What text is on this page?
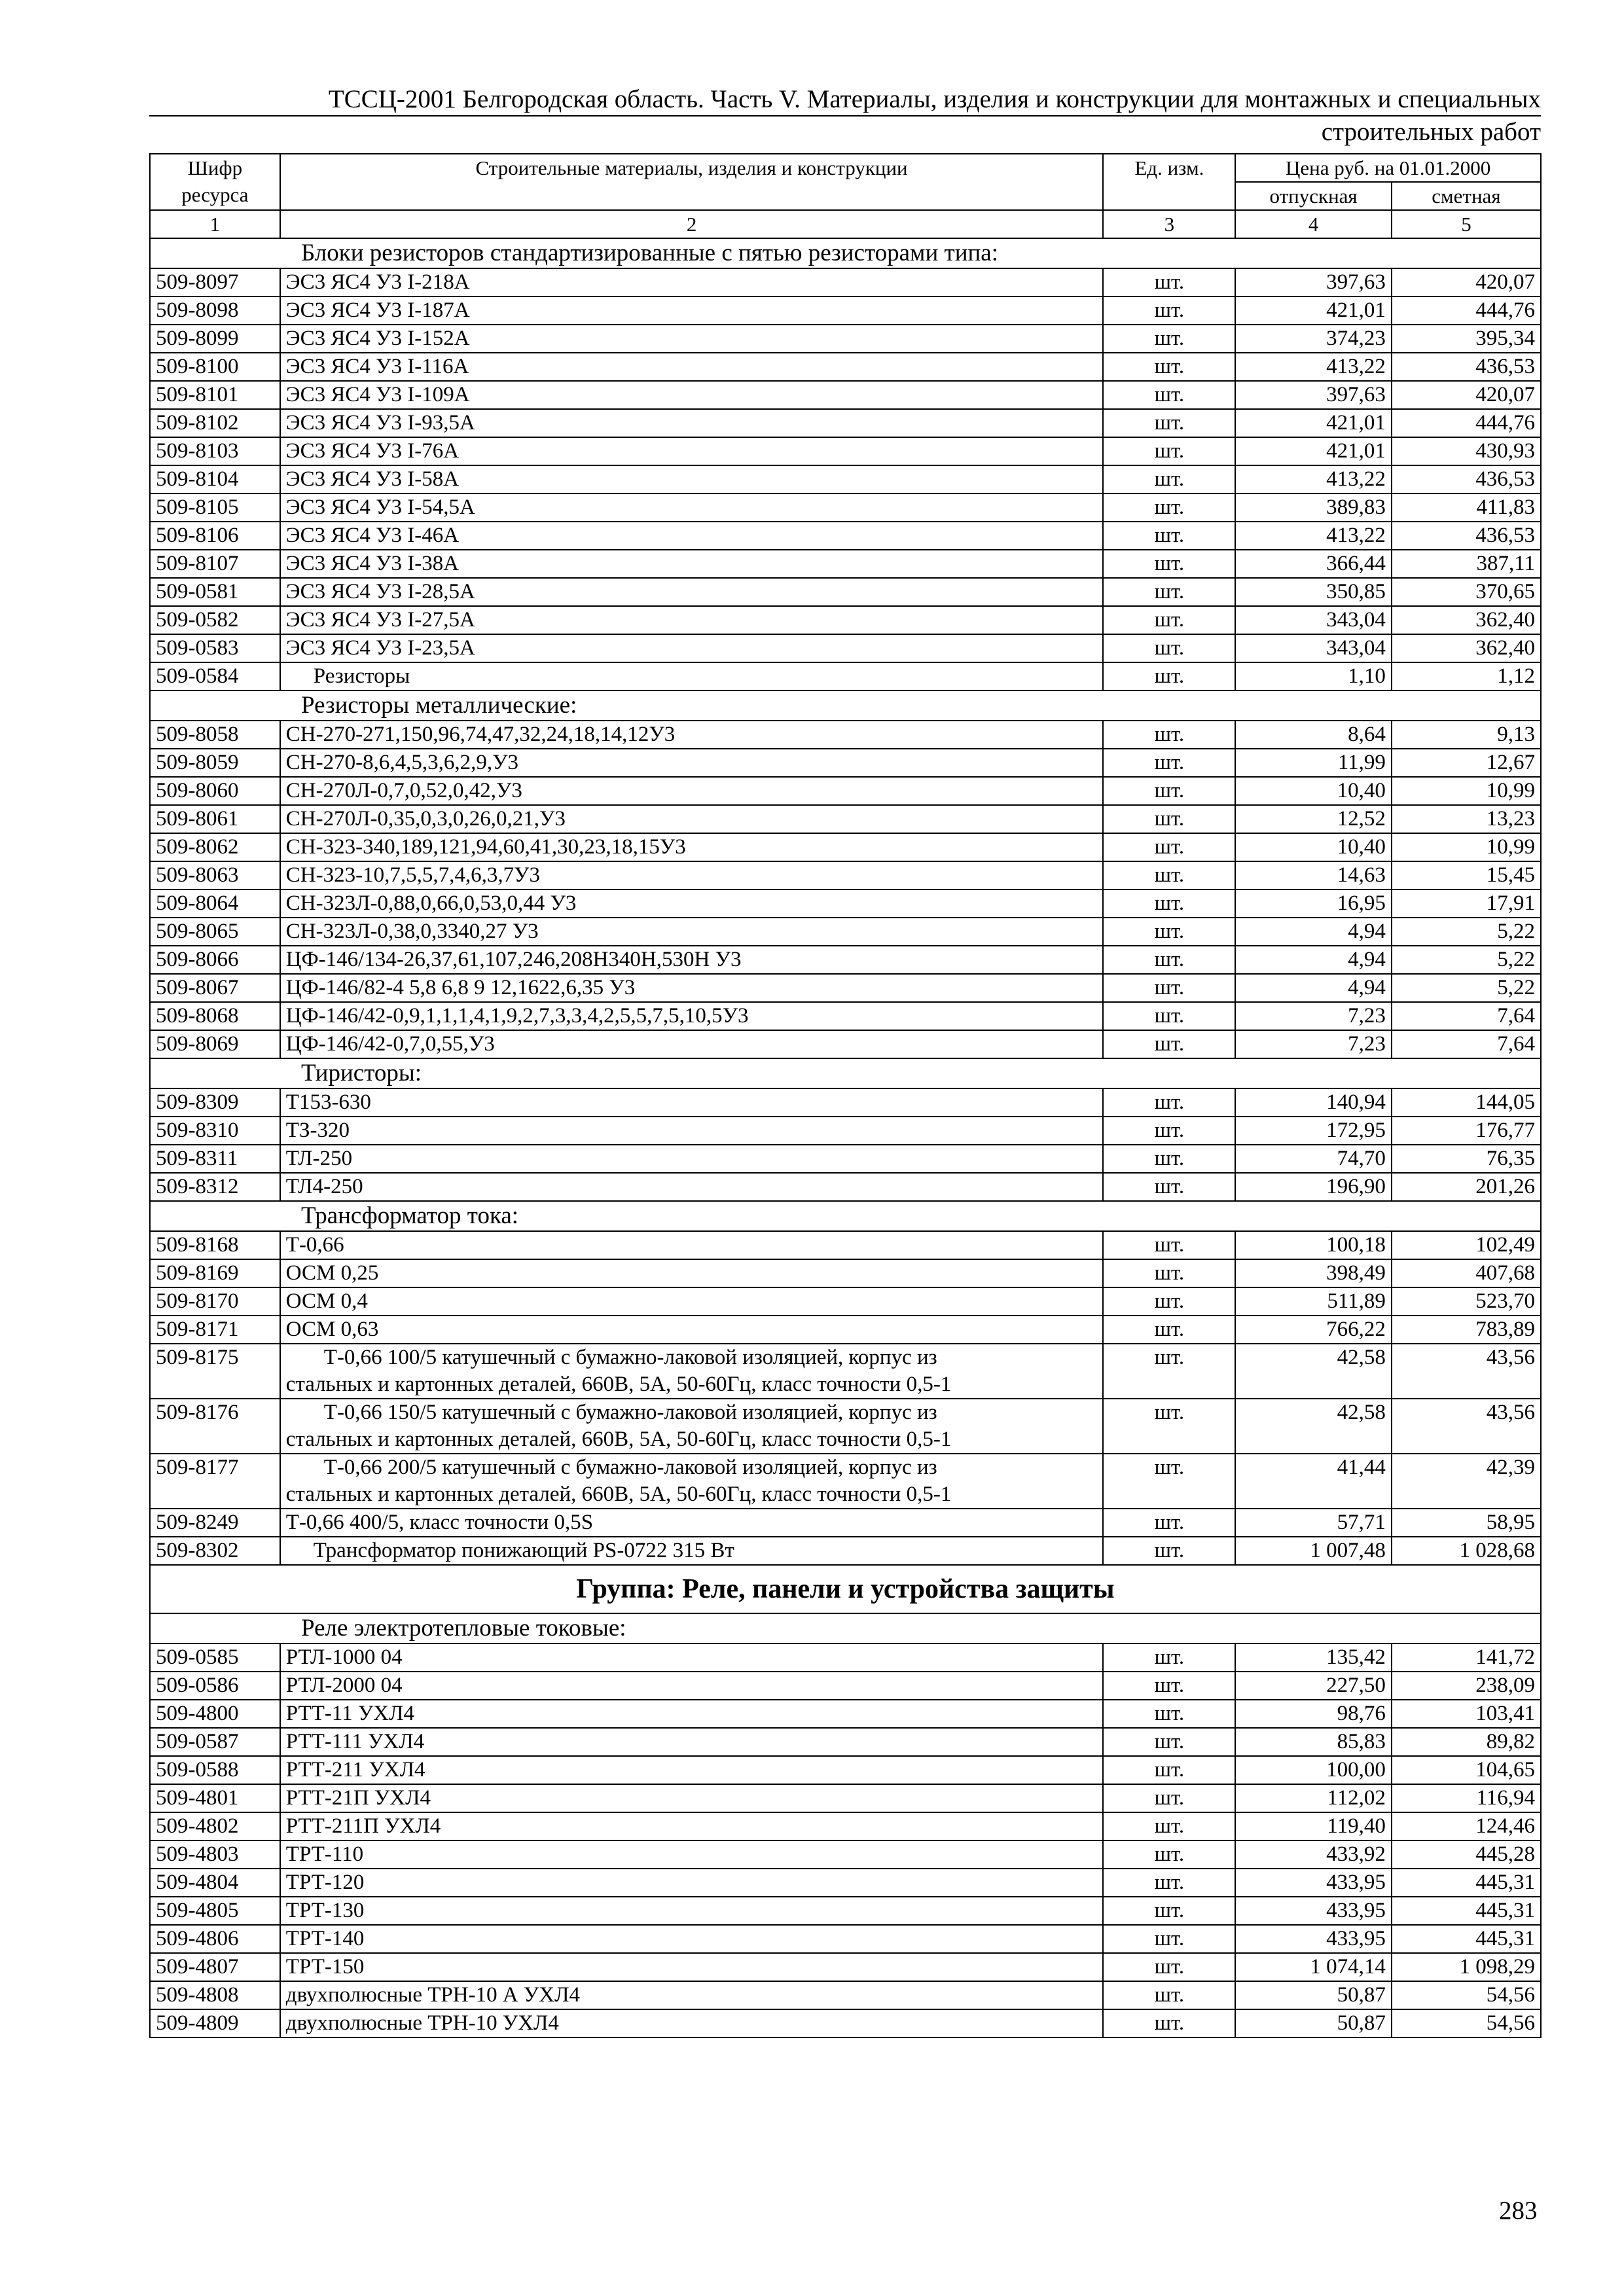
ТССЦ-2001 Белгородская область. Часть V. Материалы, изделия и конструкции для монтажных и специальных
строительных работ
Шифр ресурса	Строительные материалы, изделия и конструкции	Ед. изм.	Цена руб. на 01.01.2000	
			отпускная	сметная
1	2	3	4	5
Блоки резисторов стандартизированные с пятью резисторами типа:				
509-8097	ЭС3 ЯС4 У3 I-218А	шт.	397,63	420,07
509-8098	ЭС3 ЯС4 У3 I-187А	шт.	421,01	444,76
509-8099	ЭС3 ЯС4 У3 I-152А	шт.	374,23	395,34
509-8100	ЭС3 ЯС4 У3 I-116А	шт.	413,22	436,53
509-8101	ЭС3 ЯС4 У3 I-109А	шт.	397,63	420,07
509-8102	ЭС3 ЯС4 У3 I-93,5А	шт.	421,01	444,76
509-8103	ЭС3 ЯС4 У3 I-76А	шт.	421,01	430,93
509-8104	ЭС3 ЯС4 У3 I-58А	шт.	413,22	436,53
509-8105	ЭС3 ЯС4 У3 I-54,5А	шт.	389,83	411,83
509-8106	ЭС3 ЯС4 У3 I-46А	шт.	413,22	436,53
509-8107	ЭС3 ЯС4 У3 I-38А	шт.	366,44	387,11
509-0581	ЭС3 ЯС4 У3 I-28,5А	шт.	350,85	370,65
509-0582	ЭС3 ЯС4 У3 I-27,5А	шт.	343,04	362,40
509-0583	ЭС3 ЯС4 У3 I-23,5А	шт.	343,04	362,40
509-0584	Резисторы	шт.	1,10	1,12
Резисторы металлические:				
509-8058	СН-270-271,150,96,74,47,32,24,18,14,12У3	шт.	8,64	9,13
509-8059	СН-270-8,6,4,5,3,6,2,9,У3	шт.	11,99	12,67
509-8060	СН-270Л-0,7,0,52,0,42,У3	шт.	10,40	10,99
509-8061	СН-270Л-0,35,0,3,0,26,0,21,У3	шт.	12,52	13,23
509-8062	СН-323-340,189,121,94,60,41,30,23,18,15У3	шт.	10,40	10,99
509-8063	СН-323-10,7,5,5,7,4,6,3,7У3	шт.	14,63	15,45
509-8064	СН-323Л-0,88,0,66,0,53,0,44 У3	шт.	16,95	17,91
509-8065	СН-323Л-0,38,0,3340,27 У3	шт.	4,94	5,22
509-8066	ЦФ-146/134-26,37,61,107,246,208Н340Н,530Н У3	шт.	4,94	5,22
509-8067	ЦФ-146/82-4 5,8 6,8 9 12,1622,6,35 У3	шт.	4,94	5,22
509-8068	ЦФ-146/42-0,9,1,1,1,4,1,9,2,7,3,3,4,2,5,5,7,5,10,5У3	шт.	7,23	7,64
509-8069	ЦФ-146/42-0,7,0,55,У3	шт.	7,23	7,64
Тиристоры:				
509-8309	Т153-630	шт.	140,94	144,05
509-8310	ТЗ-320	шт.	172,95	176,77
509-8311	ТЛ-250	шт.	74,70	76,35
509-8312	ТЛ4-250	шт.	196,90	201,26
Трансформатор тока:				
509-8168	Т-0,66	шт.	100,18	102,49
509-8169	ОСМ 0,25	шт.	398,49	407,68
509-8170	ОСМ 0,4	шт.	511,89	523,70
509-8171	ОСМ 0,63	шт.	766,22	783,89
509-8175	Т-0,66 100/5 катушечный с бумажно-лаковой изоляцией, корпус из
стальных и картонных деталей, 660В, 5А, 50-60Гц, класс точности 0,5-1	шт.	42,58	43,56
509-8176	Т-0,66 150/5 катушечный с бумажно-лаковой изоляцией, корпус из
стальных и картонных деталей, 660В, 5А, 50-60Гц, класс точности 0,5-1	шт.	42,58	43,56
509-8177	Т-0,66 200/5 катушечный с бумажно-лаковой изоляцией, корпус из
стальных и картонных деталей, 660В, 5А, 50-60Гц, класс точности 0,5-1	шт.	41,44	42,39
509-8249	Т-0,66 400/5, класс точности 0,5S	шт.	57,71	58,95
509-8302	Трансформатор понижающий PS-0722 315 Вт	шт.	1 007,48	1 028,68
Группа: Реле, панели и устройства защиты				
Реле электротепловые токовые:				
509-0585	РТЛ-1000 04	шт.	135,42	141,72
509-0586	РТЛ-2000 04	шт.	227,50	238,09
509-4800	РТТ-11 УХЛ4	шт.	98,76	103,41
509-0587	РТТ-111 УХЛ4	шт.	85,83	89,82
509-0588	РТТ-211 УХЛ4	шт.	100,00	104,65
509-4801	РТТ-21П УХЛ4	шт.	112,02	116,94
509-4802	РТТ-211П УХЛ4	шт.	119,40	124,46
509-4803	ТРТ-110	шт.	433,92	445,28
509-4804	ТРТ-120	шт.	433,95	445,31
509-4805	ТРТ-130	шт.	433,95	445,31
509-4806	ТРТ-140	шт.	433,95	445,31
509-4807	ТРТ-150	шт.	1 074,14	1 098,29
509-4808	двухполюсные ТРН-10 А УХЛ4	шт.	50,87	54,56
509-4809	двухполюсные ТРН-10 УХЛ4	шт.	50,87	54,56
283
